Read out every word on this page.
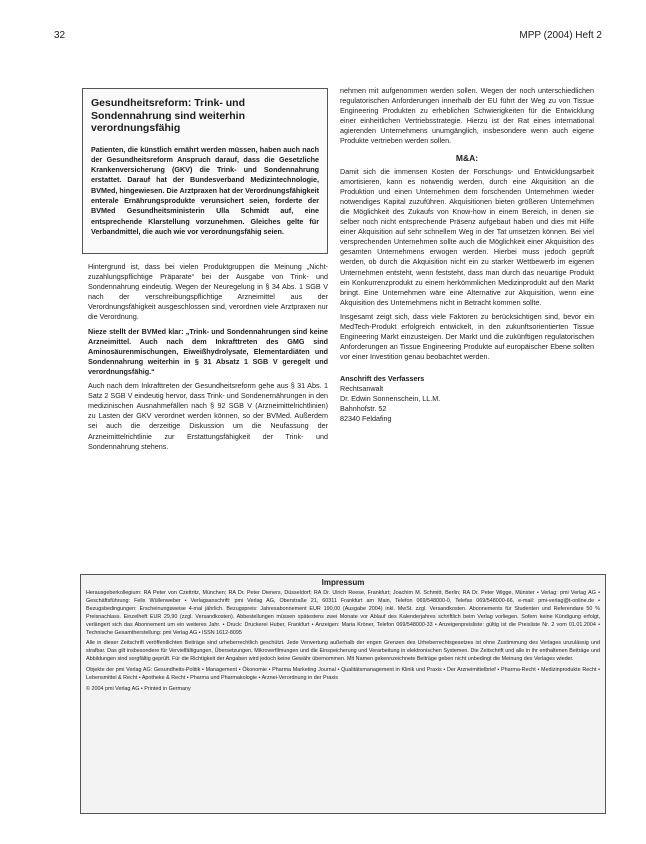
32	MPP (2004) Heft 2
Gesundheitsreform: Trink- und Sondennahrung sind weiterhin verordnungsfähig

Patienten, die künstlich ernährt werden müssen, haben auch nach der Gesundheitsreform Anspruch darauf, dass die Gesetzliche Krankenversicherung (GKV) die Trink- und Sondennahrung erstattet. Darauf hat der Bundesverband Medizintechnologie, BVMed, hingewiesen. Die Arztpraxen hat der Verordnungsfähigkeit enterale Ernährungsprodukte verunsichert seien, forderte der BVMed Gesundheitsministerin Ulla Schmidt auf, eine entsprechende Klarstellung vorzunehmen. Gleiches gelte für Verbandmittel, die auch wie vor verordnungsfähig seien.

Hintergrund ist, dass bei vielen Produktgruppen die Meinung „Nicht-zuzahlungspflichtige Präparate“ bei der Ausgabe von Trink- und Sondennahrung eindeutig. Wegen der Neuregelung in § 34 Abs. 1 SGB V nach der verschreibungspflichtige Arzneimittel aus der Verordnungsfähigkeit ausgeschlossen sind, verordnen viele Arztpraxen nur die Verordnung.

Nieze stellt der BVMed klar: „Trink- und Sondennahrungen sind keine Arzneimittel. Auch nach dem Inkrafttreten des GMG sind Aminosäurenmischungen, Eiweißhydrolysate, Elementardiäten und Sondennahrung weiterhin in § 31 Absatz 1 SGB V geregelt und verordnungsfähig.“

Auch nach dem Inkrafttreten der Gesundheitsreform gehe aus § 31 Abs. 1 Satz 2 SGB V eindeutig hervor, dass Trink- und Sondenernährungen in den medizinischen Ausnahmefällen nach § 92 SGB V (Arzneimittelrichtlinien) zu Lasten der GKV verordnet werden können, so der BVMed. Außerdem sei auch die derzeitige Diskussion um die Neufassung der Arzneimittelrichtlinie zur Erstattungsfähigkeit der Trink- und Sondennahrung stehens.

nehmen mit aufgenommen werden sollen. Wegen der noch unterschiedlichen regulatorischen Anforderungen innerhalb der EU führt der Weg zu von Tissue Engineering Produkten zu erheblichen Schwierigkeiten für die Entwicklung einer einheitlichen Vertriebsstrategie. Hierzu ist der Rat eines international agierenden Unternehmens unumgänglich, insbesondere wenn auch eigene Produkte vertrieben werden sollen.

M&A:

Damit sich die immensen Kosten der Forschungs- und Entwicklungsarbeit amortisieren, kann es notwendig werden, durch eine Akquisition an die Produktion und einen Unternehmen dem forschenden Unternehmen wieder notwendiges Kapital zuzuführen. Akquisitionen bieten größeren Unternehmen die Möglichkeit des Zukaufs von Know-how in einem Bereich, in denen sie selber noch nicht entsprechende Präsenz aufgebaut haben und dies mit Hilfe einer Akquisition auf sehr schnellem Weg in der Tat umsetzen können. Bei viel versprechenden Unternehmen sollte auch die Möglichkeit einer Akquisition des gesamten Unternehmens erwogen werden. Hierbei muss jedoch geprüft werden, ob durch die Akquisition nicht ein zu starker Wettbewerb im eigenen Unternehmen entsteht, wenn feststeht, dass man durch das neuartige Produkt ein Konkurrenzprodukt zu einem herkömmlichen Medizinprodukt auf den Markt bringt. Eine Unternehmen wäre eine Alternative zur Akquisition, wenn eine Akquisition des Unternehmens nicht in Betracht kommen sollte.

Insgesamt zeigt sich, dass viele Faktoren zu berücksichtigen sind, bevor ein MedTech-Produkt erfolgreich entwickelt, in den zukunftsorientierten Tissue Engineering Markt einzusteigen. Der Markt und die zukünftigen regulatorischen Anforderungen an Tissue Engineering Produkte auf europäischer Ebene sollten vor einer Investition genau beobachtet werden.

Anschrift des Verfassers
Rechtsanwalt
Dr. Edwin Sonnenschein, LL.M.
Bahnhofstr. 52
82340 Feldafing
Impressum

Herausgeberkollegium: RA Peter von Czettritz, München; RA Dr. Peter Dieners, Düsseldorf; RA Dr. Ulrich Reese, Frankfurt; Joachim M. Schmitt, Berlin; RA Dr. Peter Wigge, Münster • Verlag: pmi Verlag AG • Geschäftsführung: Felix Wüllenweber • Verlagsanschrift: pmi Verlag AG, Oberstraße 21, 60311 Frankfurt am Main, Telefon 069/548000-0, Telefax 069/548000-66, e-mail: pmi-verlag@t-online.de • Bezugsbedingungen: Erscheinungsweise 4-mal jährlich. Bezugspreis: Jahresabonnement EUR 190,00 (Ausgabe 2004) inkl. MwSt. zzgl. Versandkosten. Abonnements für Studenten und Referendare 50 % Preisnachlass. Einzelheft EUR 29,90 (zzgl. Versandkosten). Abbestellungen müssen spätestens zwei Monate vor Ablauf des Kalenderjahres schriftlich beim Verlag vorliegen. Sofern keine Kündigung erfolgt, verlängert sich das Abonnement um ein weiteres Jahr. • Druck: Druckerei Huber, Frankfurt • Anzeigen: Maria Kröner, Telefon 069/548000-33 • Anzeigenpreisliste: gültig ist die Preisliste Nr. 2 vom 01.01.2004 • Technische Gesamtherstellung: pmi Verlag AG • ISSN 1612-8095

Alle in dieser Zeitschrift veröffentlichten Beiträge sind urheberrechtlich geschützt. Jede Verwertung außerhalb der engen Grenzen des Urheberrechtsgesetzes ist ohne Zustimmung des Verlages unzulässig und strafbar. Das gilt insbesondere für Vervielfältigungen, Übersetzungen, Mikroverfilmungen und die Einspeicherung und Verarbeitung in elektronischen Systemen. Die Zeitschrift und alle in ihr enthaltenen Beiträge und Abbildungen sind sorgfältig geprüft. Für die Richtigkeit der Angaben wird jedoch keine Gewähr übernommen. Mit Namen gekennzeichnete Beiträge geben nicht unbedingt die Meinung des Verlages wieder.

Objekte der pmi Verlag AG: Gesundheits-Politik • Management • Ökonomie • Pharma Marketing Journal • Qualitätsmanagement in Klinik und Praxis • Der Arzneimittelbrief • Pharma-Recht • Medizinprodukte Recht • Lebensmittel & Recht • Apotheke & Recht • Pharma und Pharmakologie • Arznei-Verordnung in der Praxis

© 2004 pmi Verlag AG • Printed in Germany
